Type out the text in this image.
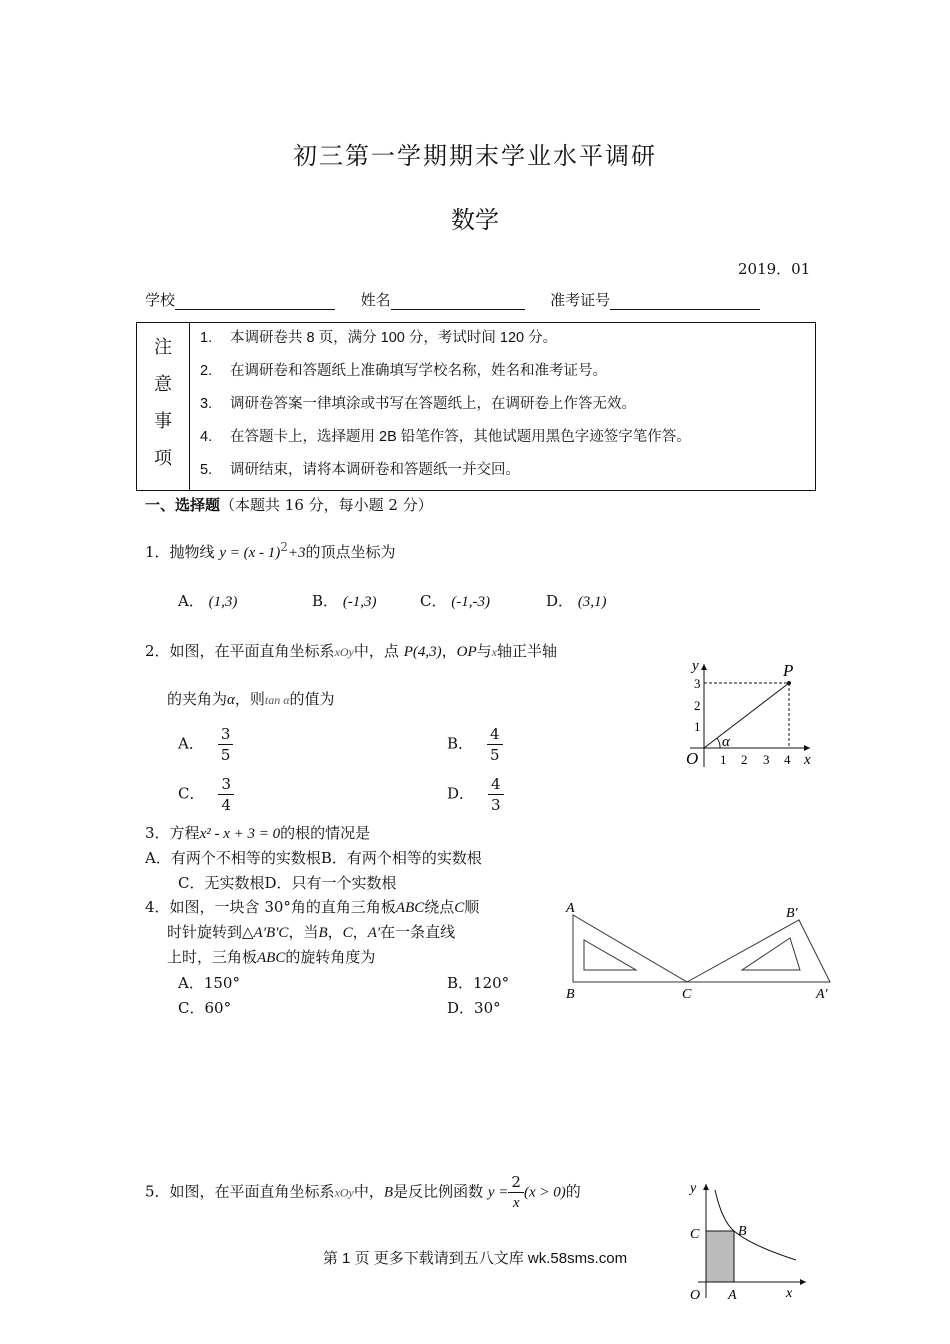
初三第一学期期末学业水平调研
数学
2019．01
学校	姓名	准考证号
注
意
事
项

1. 本调研卷共 8 页，满分 100 分，考试时间 120 分。
2. 在调研卷和答题纸上准确填写学校名称，姓名和准考证号。
3. 调研卷答案一律填涂或书写在答题纸上，在调研卷上作答无效。
4. 在答题卡上，选择题用 2B 铅笔作答，其他试题用黑色字迹签字笔作答。
5. 调研结束，请将本调研卷和答题纸一并交回。
一、选择题（本题共 16 分，每小题 2 分）
1．抛物线 y = (x - 1)$^2$+3的顶点坐标为
A． (1,3)	B． (-1,3)	C． (-1,-3)	D． (3,1)
2．如图，在平面直角坐标系xOy中，点 P(4,3)，OP与x轴正半轴
的夹角为α，则tan α的值为
A． $\frac{3}{5}$	B． $\frac{4}{5}$
C． $\frac{3}{4}$	D． $\frac{4}{3}$
y
x
O
P
α
1 2 3 4
1
2
3
3．方程x² - x + 3 = 0的根的情况是
A．有两个不相等的实数根B．有两个相等的实数根
C．无实数根D．只有一个实数根
4．如图，一块含 30°角的直角三角板ABC绕点C顺
时针旋转到△A′B′C，当B，C，A′在一条直线
上时，三角板ABC的旋转角度为
A．150°	B．120°
C．60°	D．30°
A
B	C
B′
A′
5．如图，在平面直角坐标系xOy中，B是反比例函数 $y = \frac{2}{x} (x > 0)$的	y
x
O A
B
C
第 1 页 更多下载请到五八文库 wk.58sms.com
